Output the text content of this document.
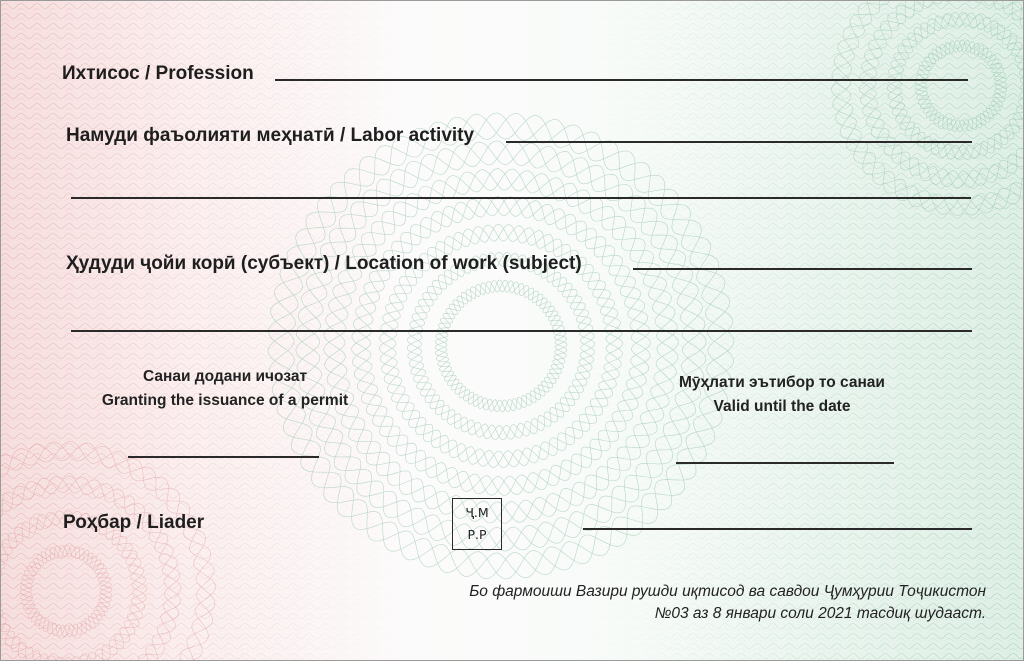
Ихтисос / Profession
Намуди фаъолияти меҳнатӣ / Labor activity
Ҳудуди ҷойи корӣ (субъект) / Location of work (subject)
Санаи додани ичозат
Granting the issuance of a permit
Мӯҳлати эътибор то санаи
Valid until the date
Роҳбар / Liader	Ҷ.М
Р.Р
Бо фармоиши Вазири рушди иқтисод ва савдои Ҷумҳурии Тоҷикистон
№03 аз 8 январи соли 2021 тасдиқ шудааст.
